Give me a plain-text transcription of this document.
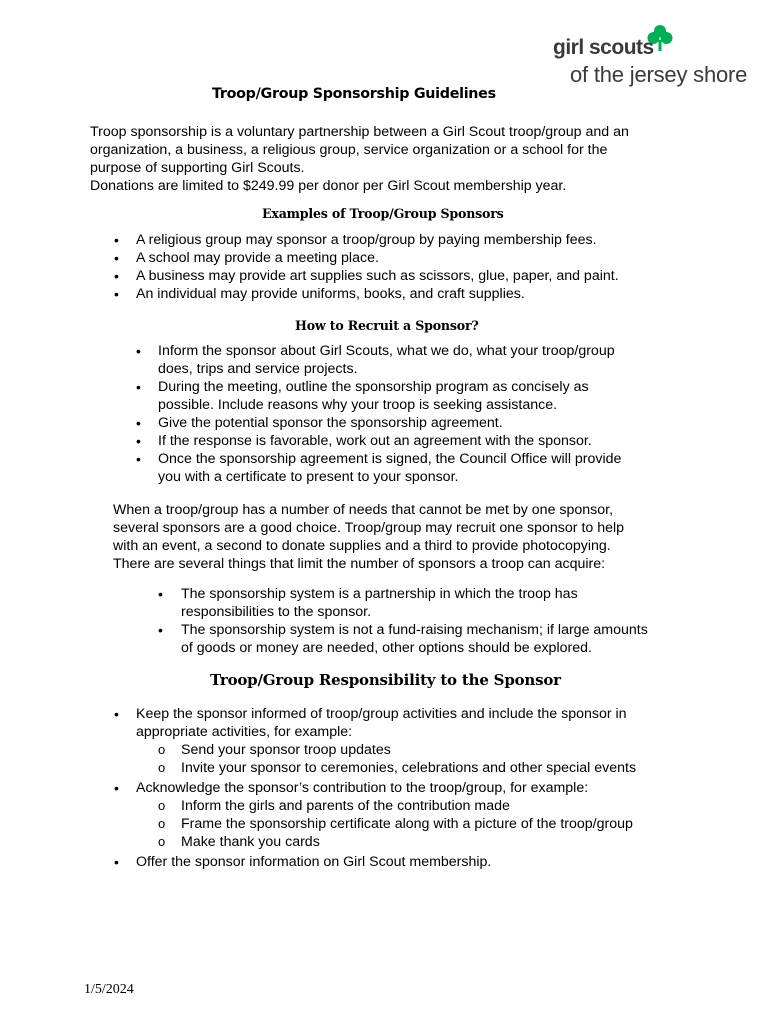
girl scouts
of the jersey shore
Troop/Group Sponsorship Guidelines
Troop sponsorship is a voluntary partnership between a Girl Scout troop/group and an
organization, a business, a religious group, service organization or a school for the
purpose of supporting Girl Scouts.
Donations are limited to $249.99 per donor per Girl Scout membership year.
Examples of Troop/Group Sponsors
• A religious group may sponsor a troop/group by paying membership fees.
• A school may provide a meeting place.
• A business may provide art supplies such as scissors, glue, paper, and paint.
• An individual may provide uniforms, books, and craft supplies.
How to Recruit a Sponsor?
• Inform the sponsor about Girl Scouts, what we do, what your troop/group
does, trips and service projects.
• During the meeting, outline the sponsorship program as concisely as
possible. Include reasons why your troop is seeking assistance.
• Give the potential sponsor the sponsorship agreement.
• If the response is favorable, work out an agreement with the sponsor.
• Once the sponsorship agreement is signed, the Council Office will provide
you with a certificate to present to your sponsor.
When a troop/group has a number of needs that cannot be met by one sponsor,
several sponsors are a good choice. Troop/group may recruit one sponsor to help
with an event, a second to donate supplies and a third to provide photocopying.
There are several things that limit the number of sponsors a troop can acquire:
• The sponsorship system is a partnership in which the troop has
responsibilities to the sponsor.
• The sponsorship system is not a fund-raising mechanism; if large amounts
of goods or money are needed, other options should be explored.
Troop/Group Responsibility to the Sponsor
• Keep the sponsor informed of troop/group activities and include the sponsor in
appropriate activities, for example:
o Send your sponsor troop updates
o Invite your sponsor to ceremonies, celebrations and other special events
• Acknowledge the sponsor’s contribution to the troop/group, for example:
o Inform the girls and parents of the contribution made
o Frame the sponsorship certificate along with a picture of the troop/group
o Make thank you cards
• Offer the sponsor information on Girl Scout membership.
1/5/2024
